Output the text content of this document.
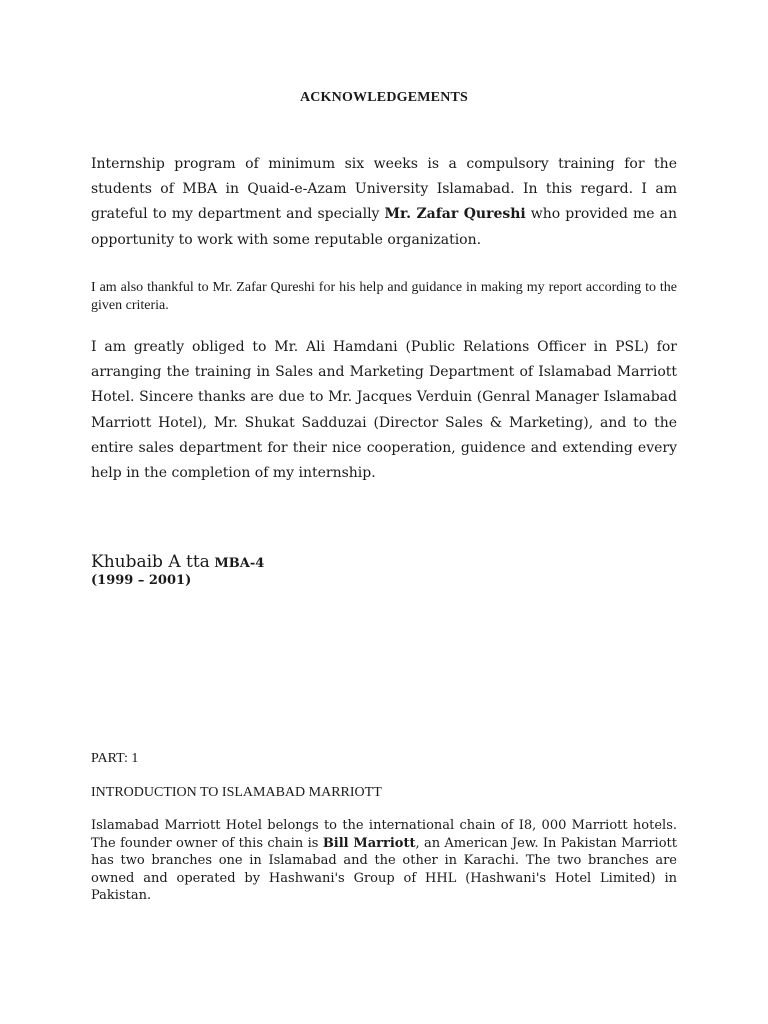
ACKNOWLEDGEMENTS

Internship program of minimum six weeks is a compulsory training for the students of MBA in Quaid-e-Azam University Islamabad. In this regard. I am grateful to my department and specially Mr. Zafar Qureshi who provided me an opportunity to work with some reputable organization.

I am also thankful to Mr. Zafar Qureshi for his help and guidance in making my report according to the given criteria.

I am greatly obliged to Mr. Ali Hamdani (Public Relations Officer in PSL) for arranging the training in Sales and Marketing Department of Islamabad Marriott Hotel. Sincere thanks are due to Mr. Jacques Verduin (Genral Manager Islamabad Marriott Hotel), Mr. Shukat Sadduzai (Director Sales & Marketing), and to the entire sales department for their nice cooperation, guidence and extending every help in the completion of my internship.

Khubaib A tta MBA-4
(1999 – 2001)
PART: 1
INTRODUCTION TO ISLAMABAD MARRIOTT

Islamabad Marriott Hotel belongs to the international chain of I8, 000 Marriott hotels. The founder owner of this chain is Bill Marriott, an American Jew. In Pakistan Marriott has two branches one in Islamabad and the other in Karachi. The two branches are owned and operated by Hashwani's Group of HHL (Hashwani's Hotel Limited) in Pakistan.
